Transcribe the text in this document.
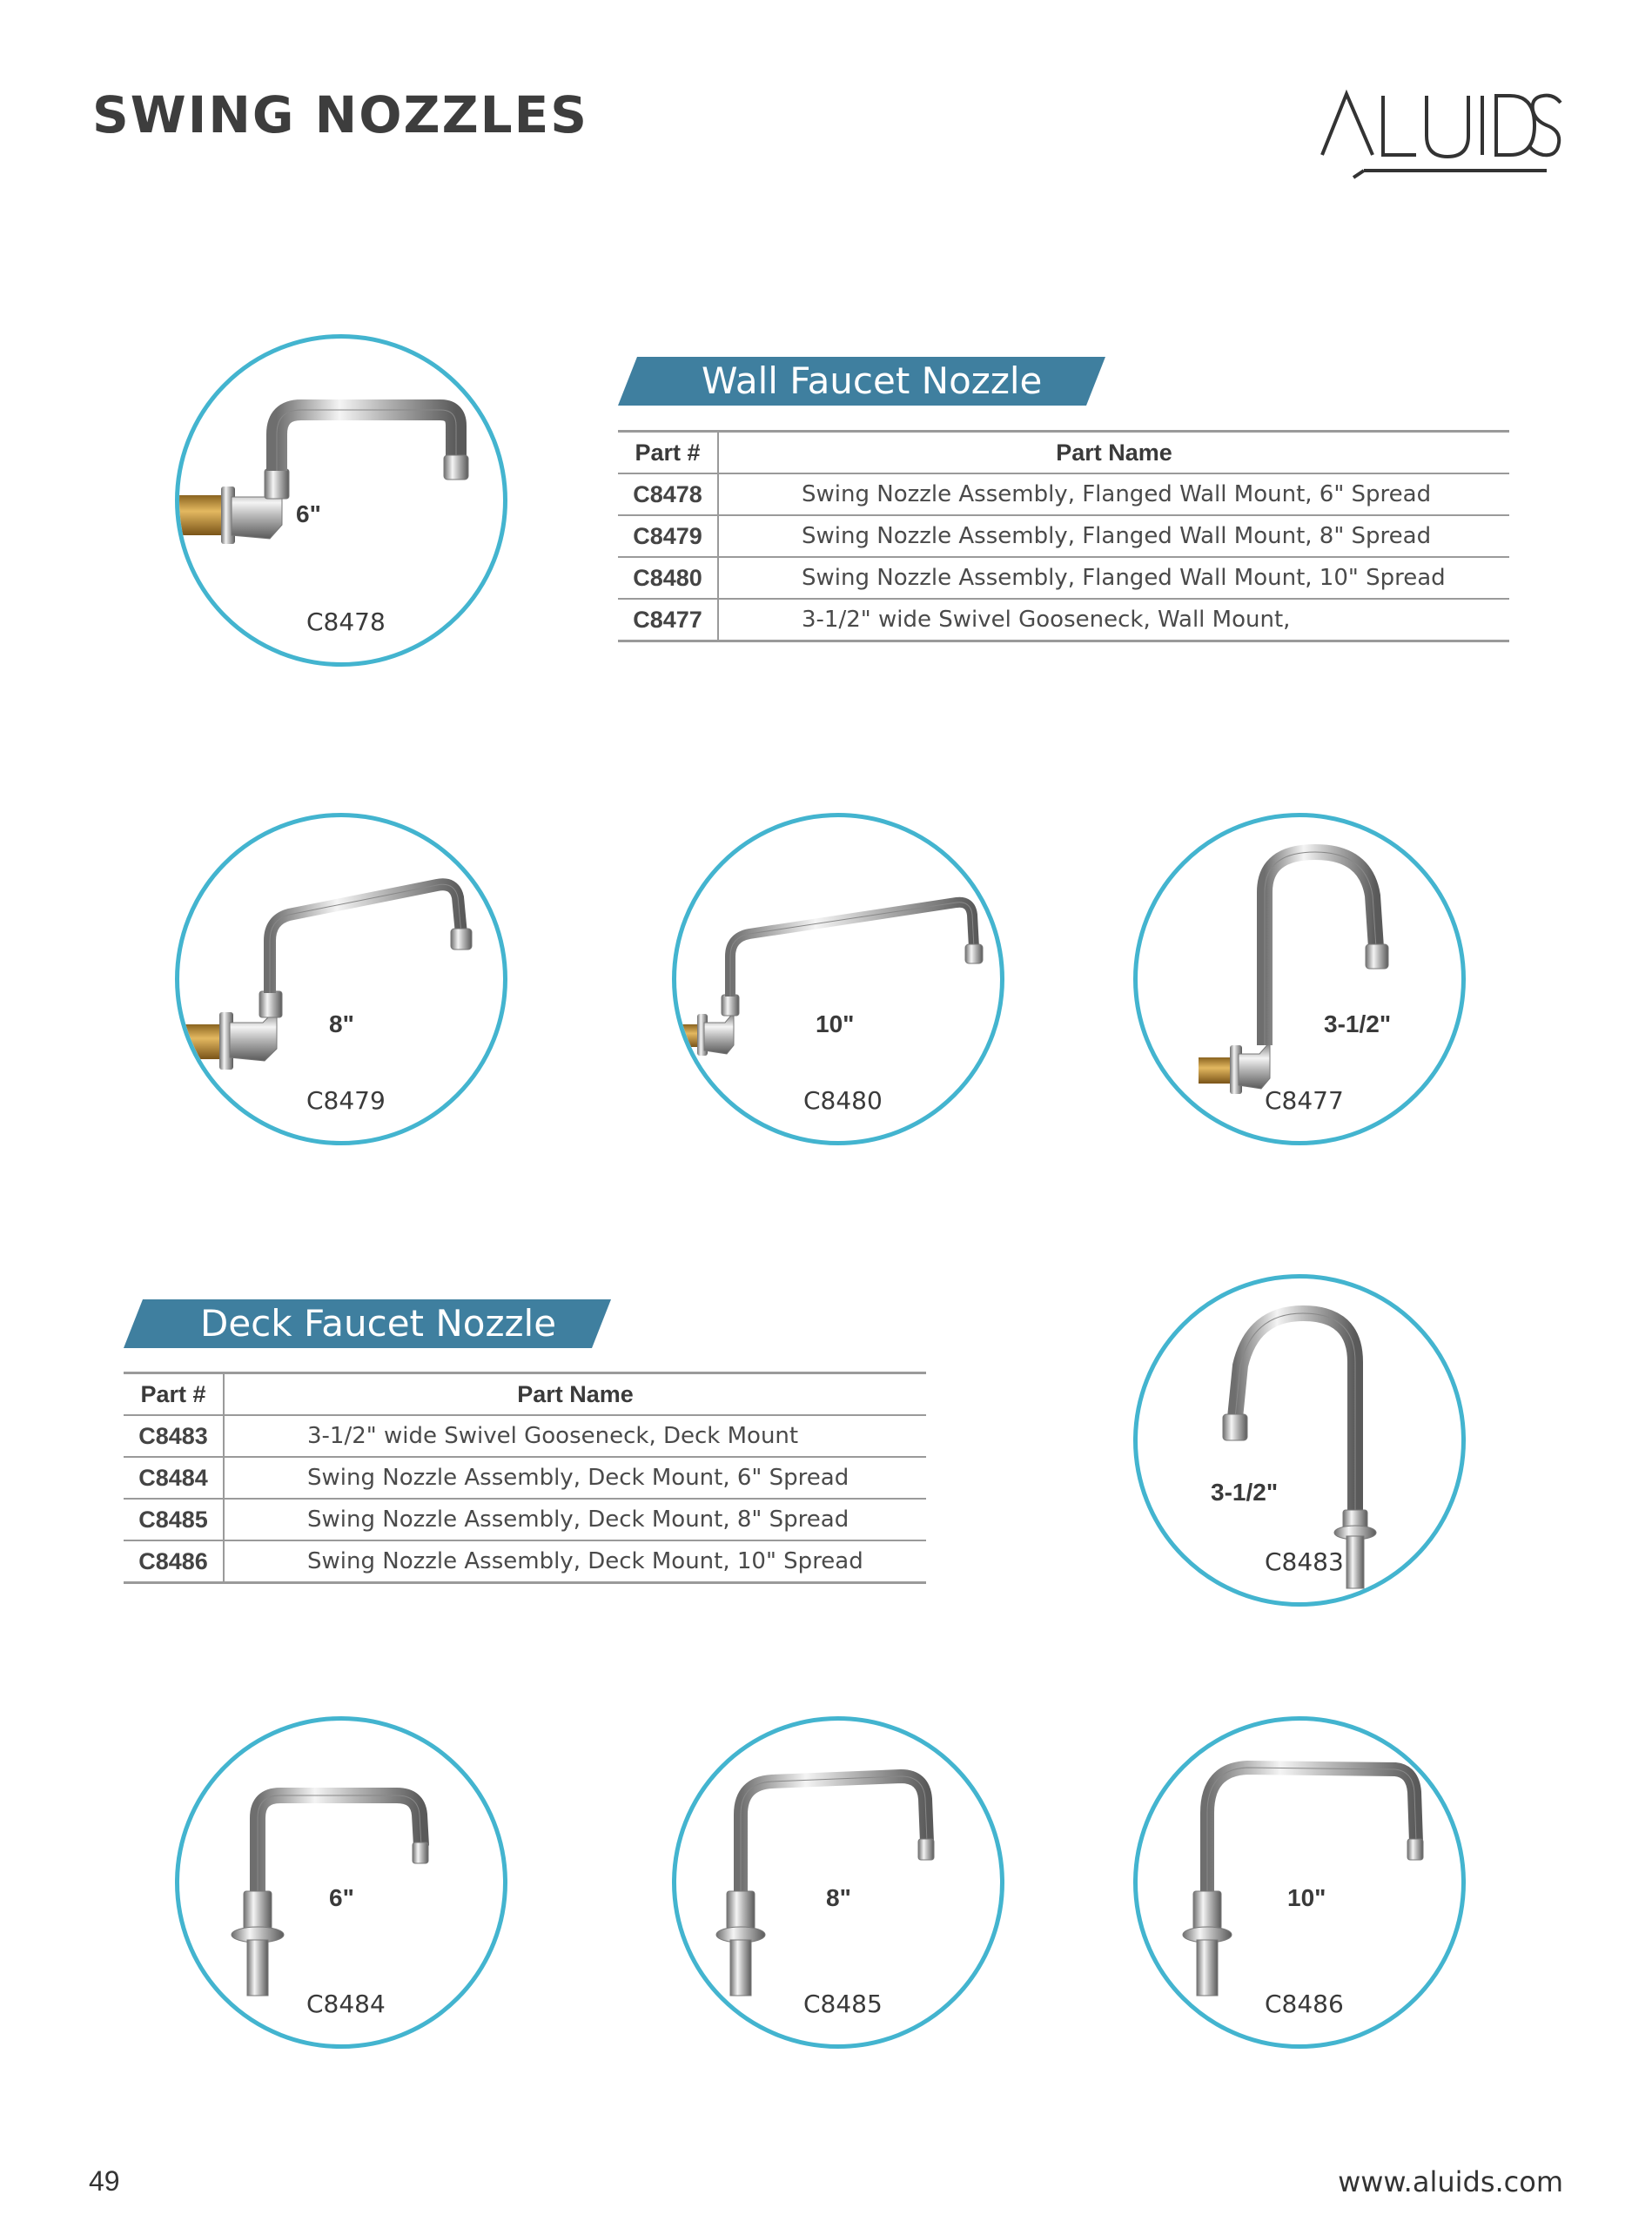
SWING NOZZLES
Wall Faucet Nozzle
Part #	Part Name
C8478	Swing Nozzle Assembly, Flanged Wall Mount, 6" Spread
C8479	Swing Nozzle Assembly, Flanged Wall Mount, 8" Spread
C8480	Swing Nozzle Assembly, Flanged Wall Mount, 10" Spread
C8477	3-1/2" wide Swivel Gooseneck, Wall Mount,
Deck Faucet Nozzle
Part #	Part Name
C8483	3-1/2" wide Swivel Gooseneck, Deck Mount
C8484	Swing Nozzle Assembly, Deck Mount, 6" Spread
C8485	Swing Nozzle Assembly, Deck Mount, 8" Spread
C8486	Swing Nozzle Assembly, Deck Mount, 10" Spread
6"
C8478
8"
C8479
10"
C8480
3-1/2"
C8477
3-1/2"
C8483
6"
C8484
8"
C8485
10"
C8486
49	www.aluids.com
